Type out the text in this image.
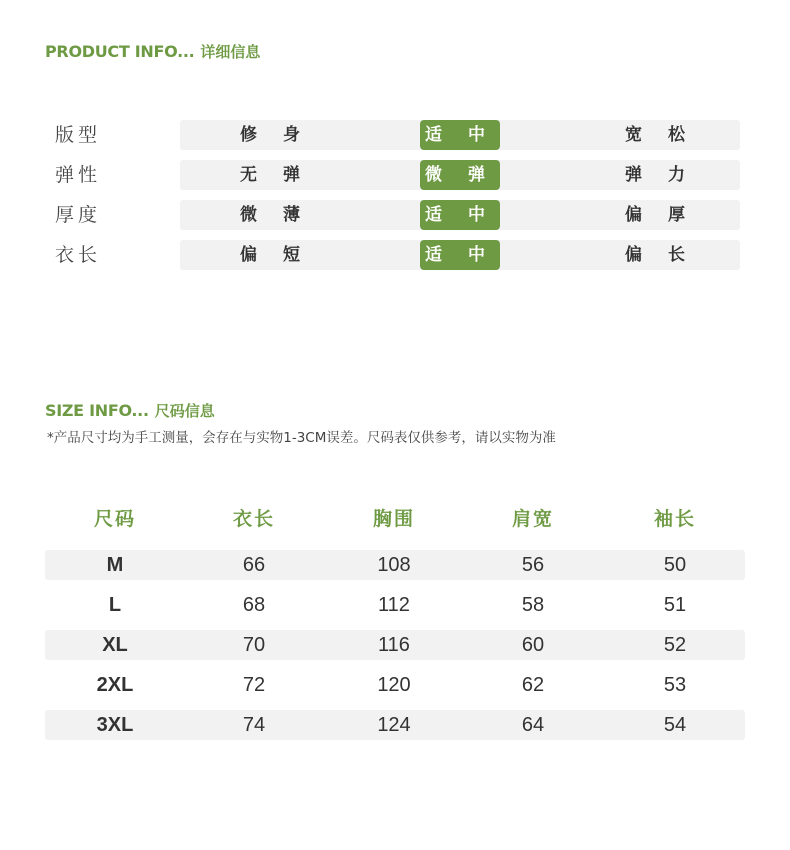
PRODUCT INFO... 详细信息
版型	修 身	适 中	宽 松
弹性	无 弹	微 弹	弹 力
厚度	微 薄	适 中	偏 厚
衣长	偏 短	适 中	偏 长
SIZE INFO... 尺码信息
*产品尺寸均为手工测量，会存在与实物1-3CM误差。尺码表仅供参考，请以实物为准
尺码	衣长	胸围	肩宽	袖长
M	66	108	56	50
L	68	112	58	51
XL	70	116	60	52
2XL	72	120	62	53
3XL	74	124	64	54
